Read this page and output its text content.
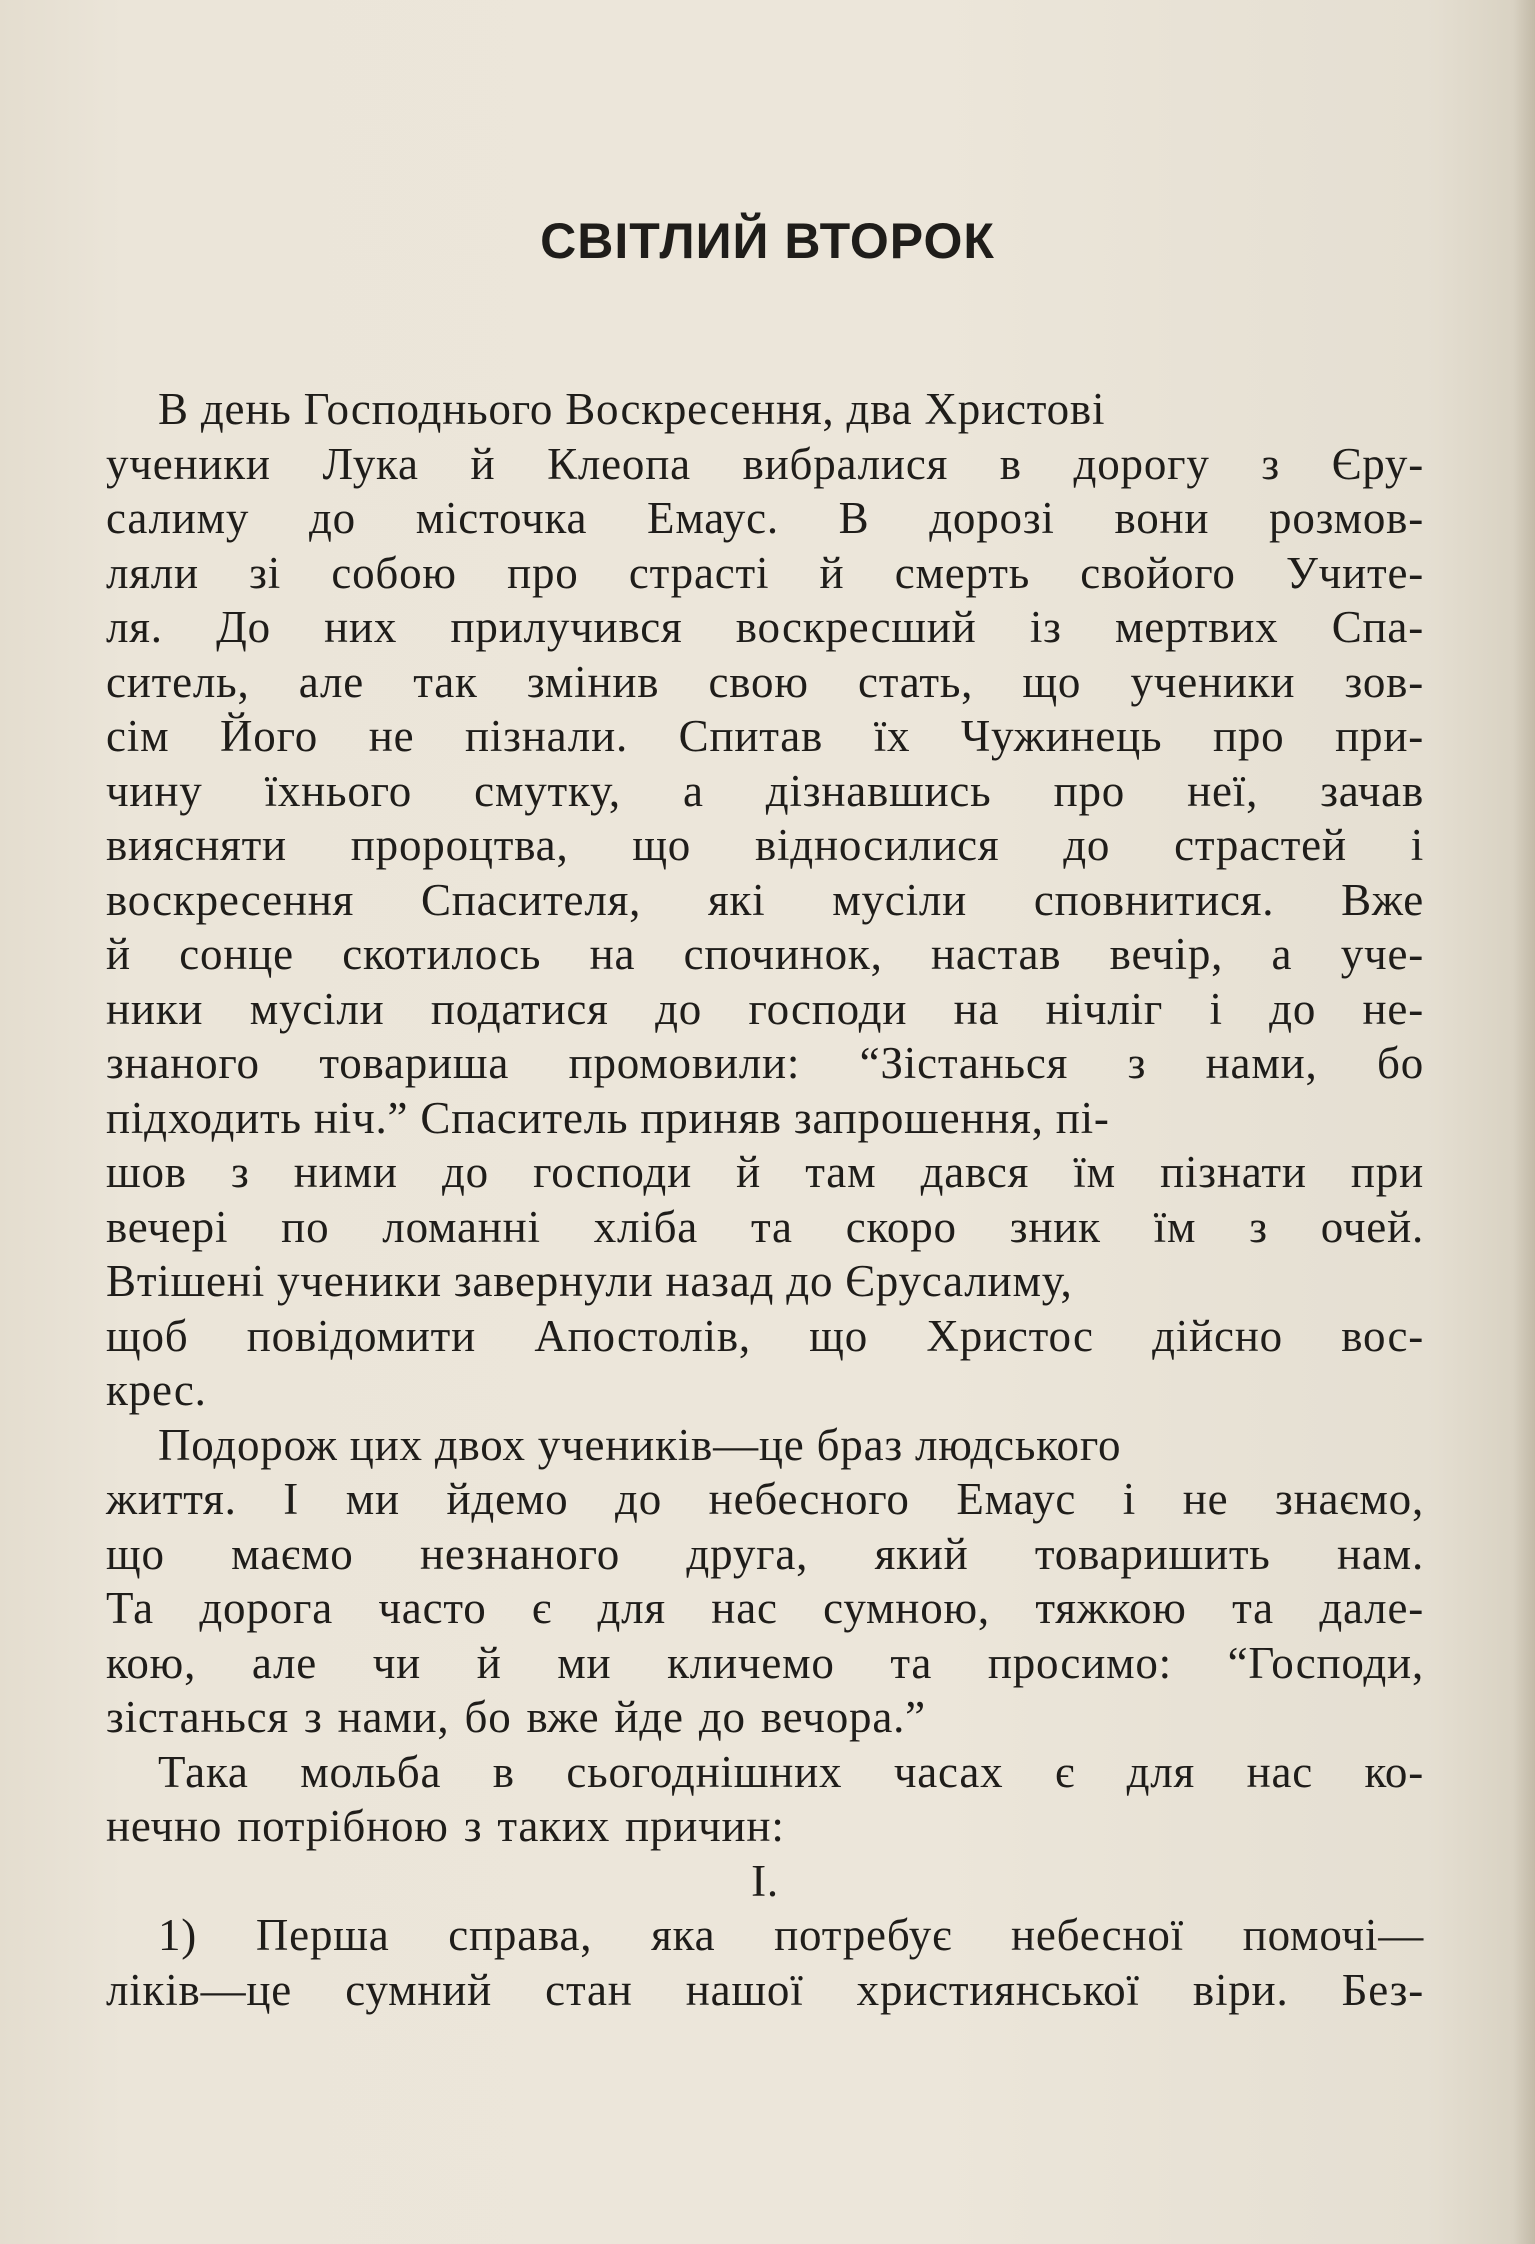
СВІТЛИЙ ВТОРОК
В день Господнього Воскресення, два Христові
ученики Лука й Клеопа вибралися в дорогу з Єру-
салиму до місточка Емаус. В дорозі вони розмов-
ляли зі собою про страсті й смерть свойого Учите-
ля. До них прилучився воскресший із мертвих Спа-
ситель, але так змінив свою стать, що ученики зов-
сім Його не пізнали. Спитав їх Чужинець про при-
чину їхнього смутку, а дізнавшись про неї, зачав
виясняти пророцтва, що відносилися до страстей і
воскресення Спасителя, які мусіли сповнитися. Вже
й сонце скотилось на спочинок, настав вечір, а уче-
ники мусіли податися до господи на нічліг і до не-
знаного товариша промовили: “Зістанься з нами, бо
підходить ніч.” Спаситель приняв запрошення, пі-
шов з ними до господи й там дався їм пізнати при
вечері по ломанні хліба та скоро зник їм з очей.
Втішені ученики завернули назад до Єрусалиму,
щоб повідомити Апостолів, що Христос дійсно вос-
крес.
Подорож цих двох учеників—це браз людського
життя. І ми йдемо до небесного Емаус і не знаємо,
що маємо незнаного друга, який товаришить нам.
Та дорога часто є для нас сумною, тяжкою та дале-
кою, але чи й ми кличемо та просимо: “Господи,
зістанься з нами, бо вже йде до вечора.”
Така мольба в сьогоднішних часах є для нас ко-
нечно потрібною з таких причин:
I.
1) Перша справа, яка потребує небесної помочі—
ліків—це сумний стан нашої християнської віри. Без-
